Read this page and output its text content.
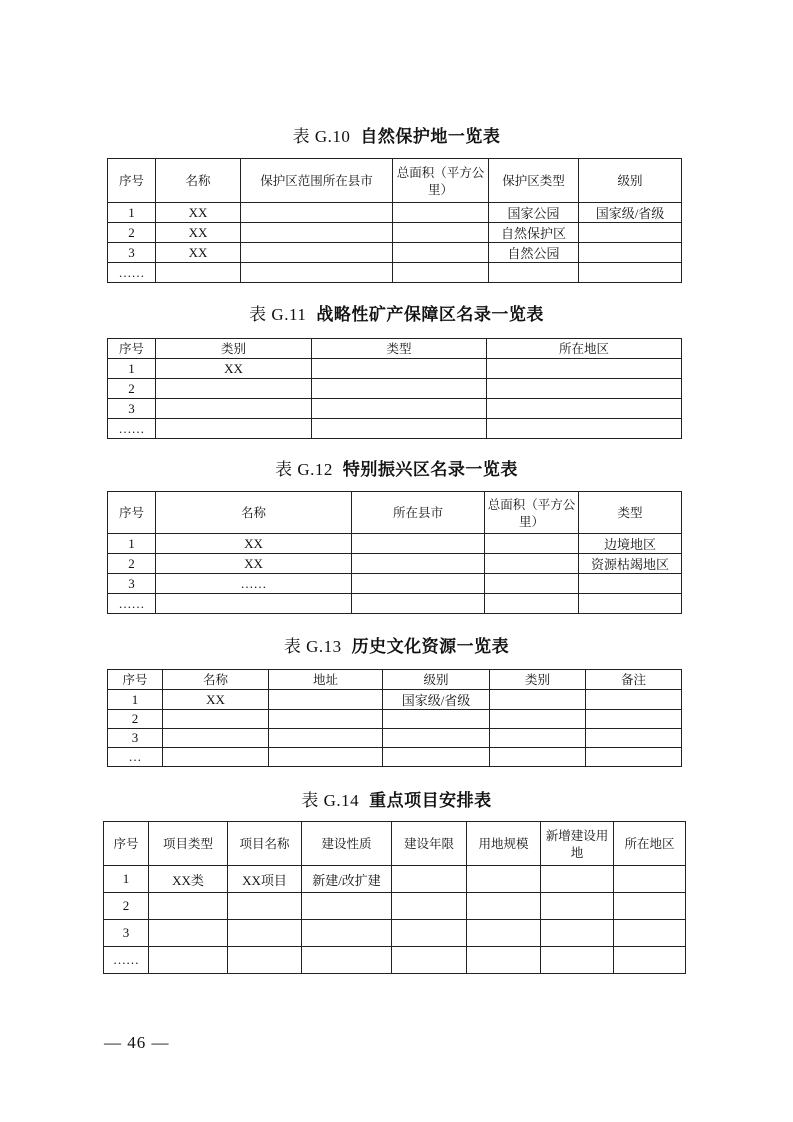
表 G.10 自然保护地一览表
序号	名称	保护区范围所在县市	总面积（平方公里）	保护区类型	级别
1	XX			国家公园	国家级/省级
2	XX			自然保护区	
3	XX			自然公园	
……					
表 G.11 战略性矿产保障区名录一览表
序号	类别	类型	所在地区
1	XX		
2			
3			
……			
表 G.12 特别振兴区名录一览表
序号	名称	所在县市	总面积（平方公里）	类型
1	XX			边境地区
2	XX			资源枯竭地区
3	……			
……				
表 G.13 历史文化资源一览表
序号	名称	地址	级别	类别	备注
1	XX		国家级/省级		
2					
3					
…					
表 G.14 重点项目安排表
序号	项目类型	项目名称	建设性质	建设年限	用地规模	新增建设用地	所在地区
1	XX类	XX项目	新建/改扩建				
2							
3							
……							
— 46 —
